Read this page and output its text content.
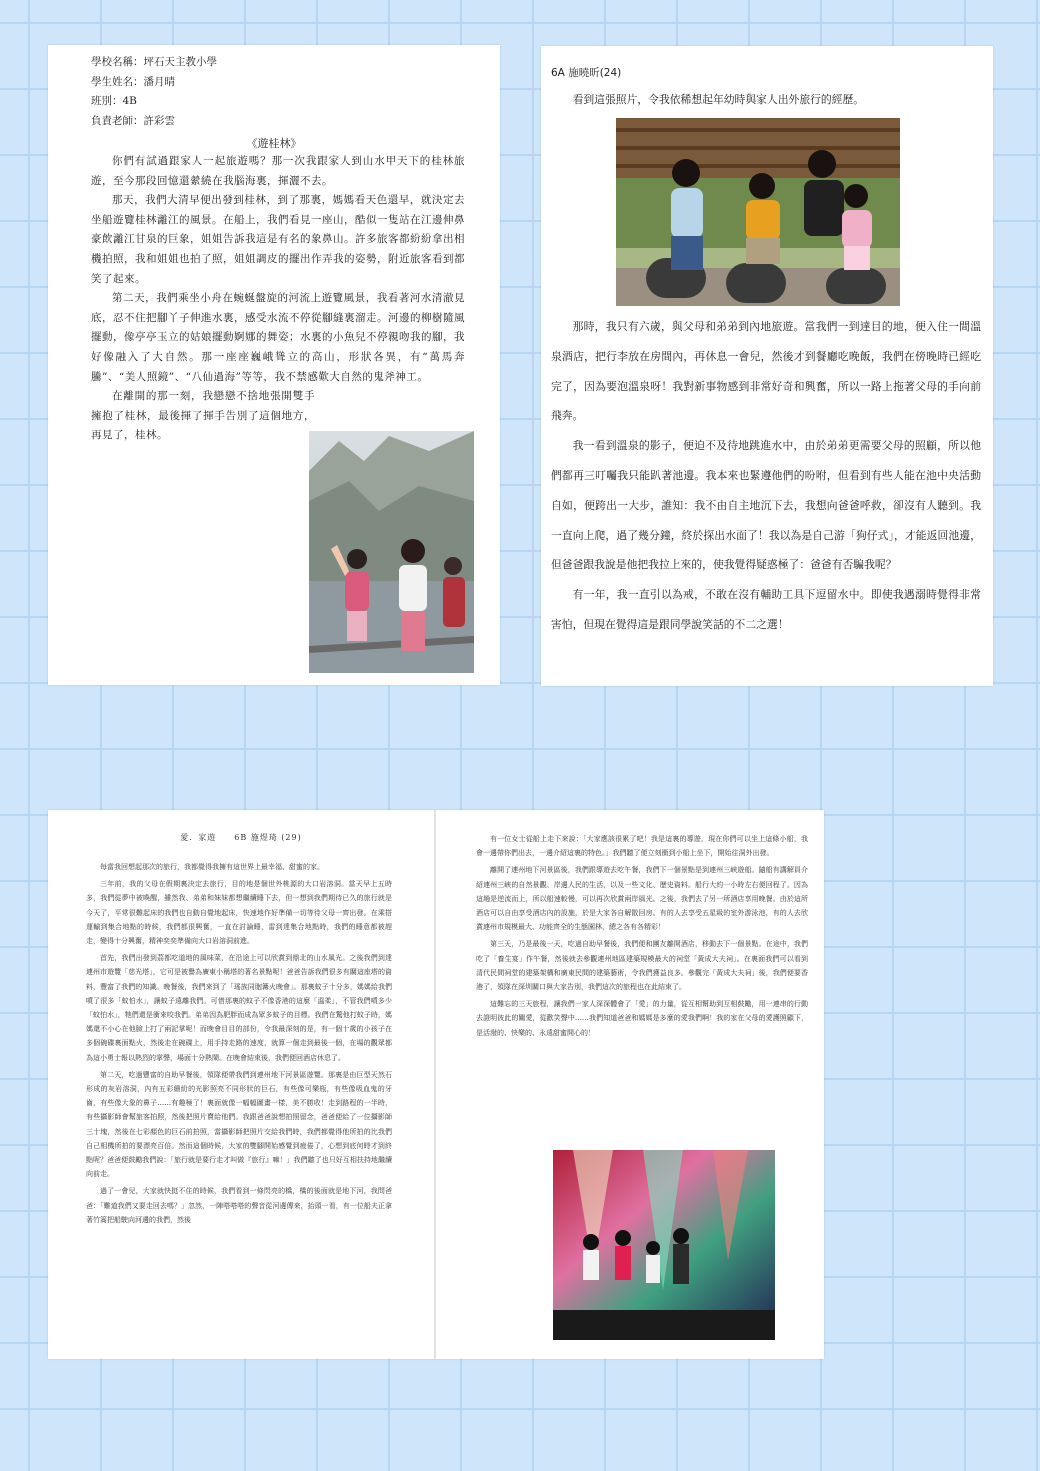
學校名稱：坪石天主教小學
學生姓名：潘月晴
班別：4B
負責老師：許彩雲
《遊桂林》

你們有試過跟家人一起旅遊嗎？那一次我跟家人到山水甲天下的桂林旅遊，至今那段回憶還縈繞在我腦海裏，揮灑不去。

那天，我們大清早便出發到桂林，到了那裏，媽媽看天色還早，就決定去坐船遊覽桂林灕江的風景。在船上，我們看見一座山，酷似一隻站在江邊伸鼻豪飲灕江甘泉的巨象，姐姐告訴我這是有名的象鼻山。許多旅客都紛紛拿出相機拍照，我和姐姐也拍了照，姐姐調皮的擺出作弄我的姿勢，附近旅客看到都笑了起來。

第二天，我們乘坐小舟在蜿蜒盤旋的河流上遊覽風景，我看著河水清澈見底，忍不住把腳丫子伸進水裏，感受水流不停從腳縫裏溜走。河邊的柳樹隨風擺動，像亭亭玉立的姑娘擺動婀娜的舞姿；水裏的小魚兒不停親吻我的腳，我好像融入了大自然。那一座座巍峨聳立的高山，形狀各異，有“萬馬奔騰”、“美人照鏡”、“八仙過海”等等，我不禁感歎大自然的鬼斧神工。

在離開的那一刻，我戀戀不捨地張開雙手擁抱了桂林，最後揮了揮手告別了這個地方，再見了，桂林。

6A 施曉昕(24)
看到這張照片，令我依稀想起年幼時與家人出外旅行的經歷。

那時，我只有六歲，與父母和弟弟到內地旅遊。當我們一到達目的地，便入住一間溫泉酒店，把行李放在房間內，再休息一會兒，然後才到餐廳吃晚飯，我們在傍晚時已經吃完了，因為要泡溫泉呀！我對新事物感到非常好奇和興奮，所以一路上拖著父母的手向前飛奔。

我一看到溫泉的影子，便迫不及待地跳進水中，由於弟弟更需要父母的照顧，所以他們都再三叮囑我只能趴著池邊。我本來也緊遵他們的吩咐，但看到有些人能在池中央活動自如，便跨出一大步，誰知：我不由自主地沉下去，我想向爸爸呼救，卻沒有人聽到。我一直向上爬，過了幾分鐘，終於探出水面了！我以為是自己游「狗仔式」，才能返回池邊，但爸爸跟我說是他把我拉上來的，使我覺得疑惑極了：爸爸有否騙我呢？

有一年，我一直引以為戒，不敢在沒有輔助工具下逗留水中。即使我遇溺時覺得非常害怕，但現在覺得這是跟同學說笑話的不二之選！

愛．家遊　　6B 施煜琦 (29)

每當我回想起那次的旅行，我都覺得我擁有這世界上最幸福、甜蜜的家。

三年前，我的父母在假期裏決定去旅行，目的地是個世外桃源的大口岩溶洞。當天早上五時多，我們從夢中被喚醒，雖然我、弟弟和妹妹都想繼續睡下去，但一想到我們期待已久的旅行就是今天了，平常很難起床的我們也自動自覺地起床，快速地作好準備一切等待父母一齊出發。在乘搭運輸到集合地點的時候，我們都很興奮，一直在討論睡，雷到達集合地點時，我們的睡意都被趕走，變得十分興奮，精神奕奕準備向大口岩溶洞前進。

首先，我們出發到茘都吃道地的風味菜，在沿途上可以欣賞到鼎北的山水風光。之後我們到達連州市遊覽「慈光塔」，它可是被譽為廣東小稱塔的著名景點呢！爸爸告訴我們很多有關這座塔的資料，豐富了我們的知識。晚餐後，我們來到了「瑤族同胞篝火晚會」。那裏蚊子十分多，媽媽給我們噴了很多「蚊怕水」，讓蚊子遠離我們。可惜那裏的蚊子不像香港的這麼「溫柔」，不管我們噴多少「蚊怕水」，牠們還是衝來咬我們。弟弟因為肥胖而成為眾多蚊子的目標。我們在驚他打蚊子時，媽媽還不小心在他臉上打了兩記掌呢！而晚會目目的部份，令我最深刻的是，有一個十歲的小孩子在多個碗碟裏面點火，然後走在碗碟上，用手持走路的速度，就算一個走到最後一個，在場的觀眾都為這小勇士報以熱烈的掌聲，場面十分熱鬧。在晚會結束後，我們便回酒店休息了。

第二天，吃過豐富的自助早餐後，領隊便帶我們到連州地下河景區遊覽。那裏是由巨型天然石形成的灰岩溶洞，內有五彩繽紛的光影照亮不同形狀的巨石，有些像可樂瓶，有些像吸血鬼的牙齒，有些像大象的鼻子……有趣極了！裏面就像一幅幅圖畫一樣，美不勝收！走到路程的一半時，有些攝影師會幫旅客拍照，然後把照片賣給他們。我跟爸爸說想拍照留念，爸爸便給了一位攝影師三十塊，然後在七彩顏色的巨石前拍照，當攝影師把照片交給我們時，我們都覺得他所拍的比我們自己相機所拍的要漂亮百倍。然而這個時候，大家的雙腳開始感覺到疲倦了，心想到底何時才到終點呢？爸爸便鼓勵我們說：「旅行就是要行走才叫做『旅行』嘛！」我們聽了也只好互相扶持地繼續向前走。

過了一會兒，大家就快挺不住的時候，我們看到一條閃亮的橋，橋的後面就是地下河，我問爸爸：「難道我們又要走回去嗎？」忽然，一陣嗒嗒嗒的聲音從河邊傳來，抬頭一看，有一位船夫正拿著竹篙把船駛向河邊的我們，然後

有一位女士從船上走下來說：「大家應該很累了吧！我是這裏的導遊，現在你們可以坐上這條小船，我會一邊帶你們出去，一邊介紹這裏的特色。」我們聽了便立刻衝到小船上坐下，開始往洞外出發。

離開了連州地下河景區後，我們跟導遊去吃午餐，我們下一個景點是到連州三峽遊船。隨船有講解員介紹連州三峽的自然景觀、岸邊人民的生活，以及一些文化、歷史資料。船行大約一小時左右便回程了。因為這趟是逆流而上，所以船速較慢，可以再次欣賞兩岸風光。之後，我們去了另一所酒店享用晚餐。由於這所酒店可以自由享受酒店內的設施，於是大家各自解散回房。有的人去享受五星級的室外游泳池，有的人去欣賞連州市規模最大、功能齊全的生態園林，總之各有各精彩！

第三天，乃是最後一天，吃過自助早餐後，我們便和團友離開酒店，移動去下一個景點。在途中，我們吃了「養生宴」作午餐，然後就去參觀連州地區建築規模最大的祠堂「黃成大夫祠」。在裏面我們可以看到清代民間祠堂的建築架構和廣東民間的建築藝術，令我們獲益良多。參觀完「黃成大夫祠」後，我們便要香港了，領隊在深圳關口與大家告別，我們這次的旅程也在此結束了。

這難忘的三天旅程，讓我們一家人深深體會了「愛」的力量，從互相幫助到互相鼓勵，用一連串的行動去證明彼此的關愛，從歡笑聲中……我們知道爸爸和媽媽是多麼的愛我們啊！我的家在父母的愛護照顧下，是活潑的、快樂的、永遠甜蜜開心的！
